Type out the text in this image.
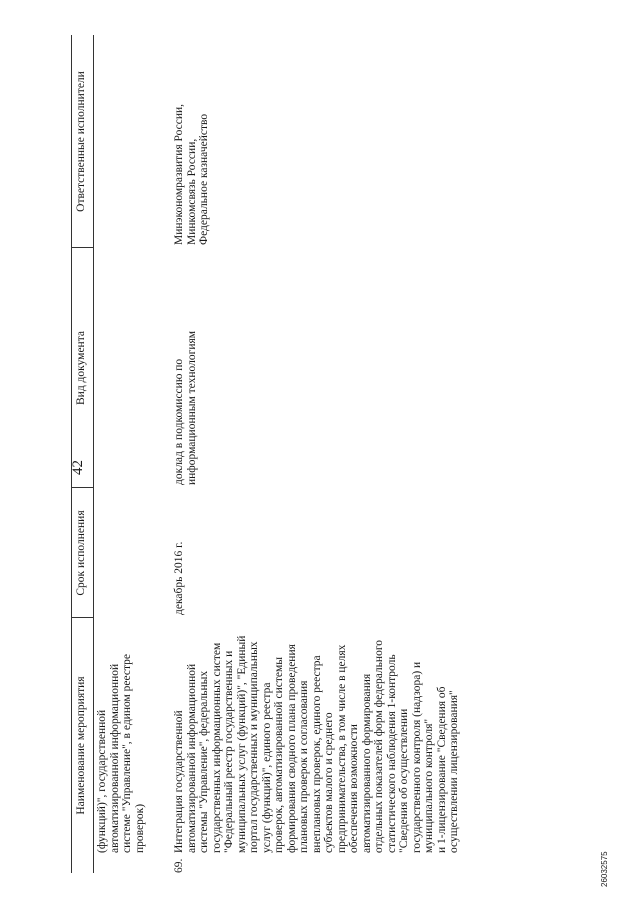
Наименование мероприятия
Срок исполнения
Вид документа
Ответственные исполнители
42
(функций)", государственной
автоматизированной информационной
системе "Управление", в едином реестре
проверок)
69.
Интеграция государственной
автоматизированной информационной
системы "Управление", федеральных
государственных информационных систем
"Федеральный реестр государственных и
муниципальных услуг (функций)", "Единый
портал государственных и муниципальных
услуг (функций)", единого реестра
проверок, автоматизированной системы
формирования сводного плана проведения
плановых проверок и согласования
внеплановых проверок, единого реестра
субъектов малого и среднего
предпринимательства, в том числе в целях
обеспечения возможности
автоматизированного формирования
отдельных показателей форм федерального
статистического наблюдения 1-контроль
"Сведения об осуществлении
государственного контроля (надзора) и
муниципального контроля"
и 1-лицензирование "Сведения об
осуществлении лицензирования"
декабрь 2016 г.
доклад в подкомиссию по
информационным технологиям
Минэкономразвития России,
Минкомсвязь России,
Федеральное казначейство
26032575
